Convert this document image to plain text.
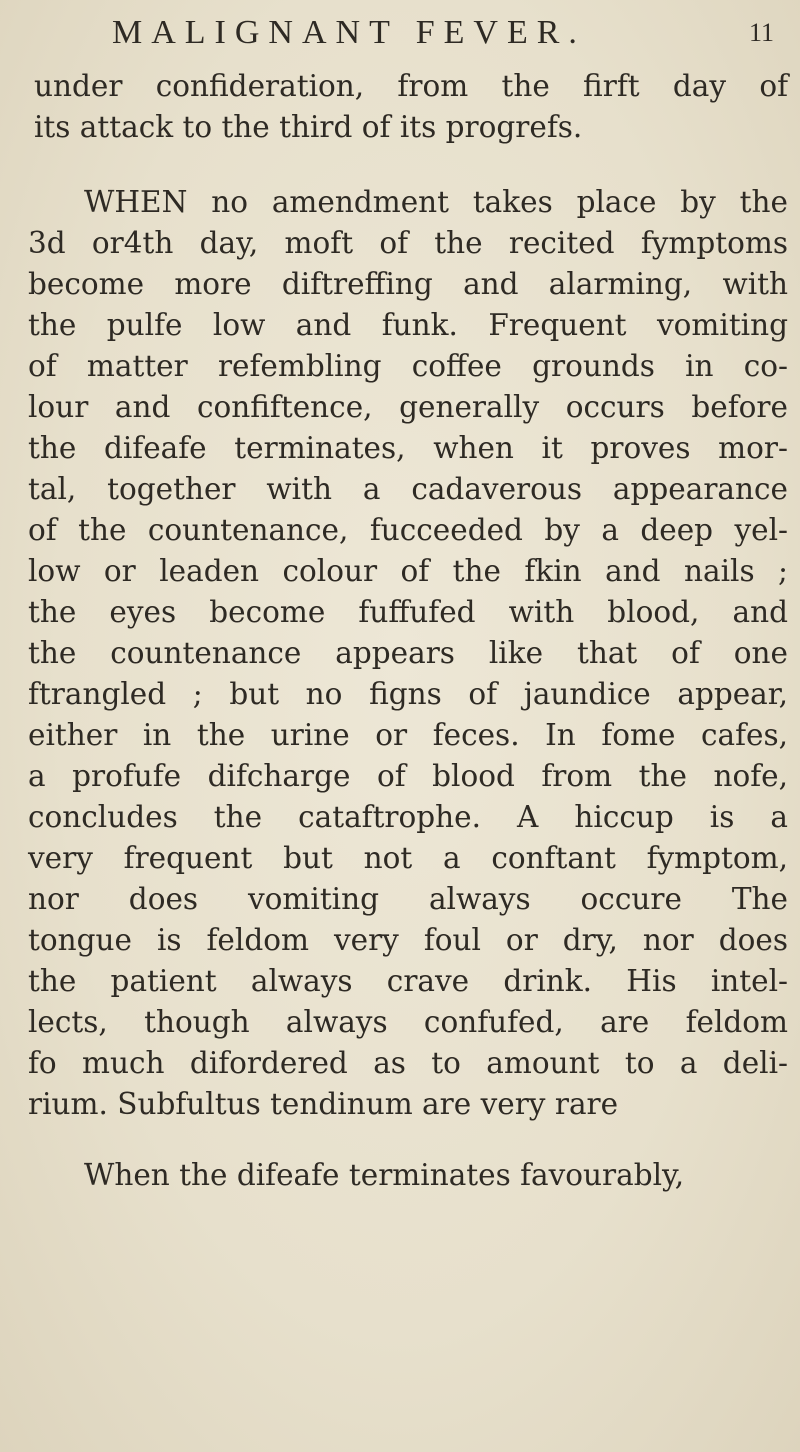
MALIGNANT FEVER.	11
under confideration, from the firft day of
its attack to the third of its progrefs.
WHEN no amendment takes place by the
3d or4th day, moft of the recited fymptoms
become more diftreffing and alarming, with
the pulfe low and funk. Frequent vomiting
of matter refembling coffee grounds in co-
lour and confiftence, generally occurs before
the difeafe terminates, when it proves mor-
tal, together with a cadaverous appearance
of the countenance, fucceeded by a deep yel-
low or leaden colour of the fkin and nails ;
the eyes become fuffufed with blood, and
the countenance appears like that of one
ftrangled ; but no figns of jaundice appear,
either in the urine or feces. In fome cafes,
a profufe difcharge of blood from the nofe,
concludes the cataftrophe. A hiccup is a
very frequent but not a conftant fymptom,
nor does vomiting always occure The
tongue is feldom very foul or dry, nor does
the patient always crave drink. His intel-
lects, though always confufed, are feldom
fo much difordered as to amount to a deli-
rium. Subfultus tendinum are very rare
When the difeafe terminates favourably,
